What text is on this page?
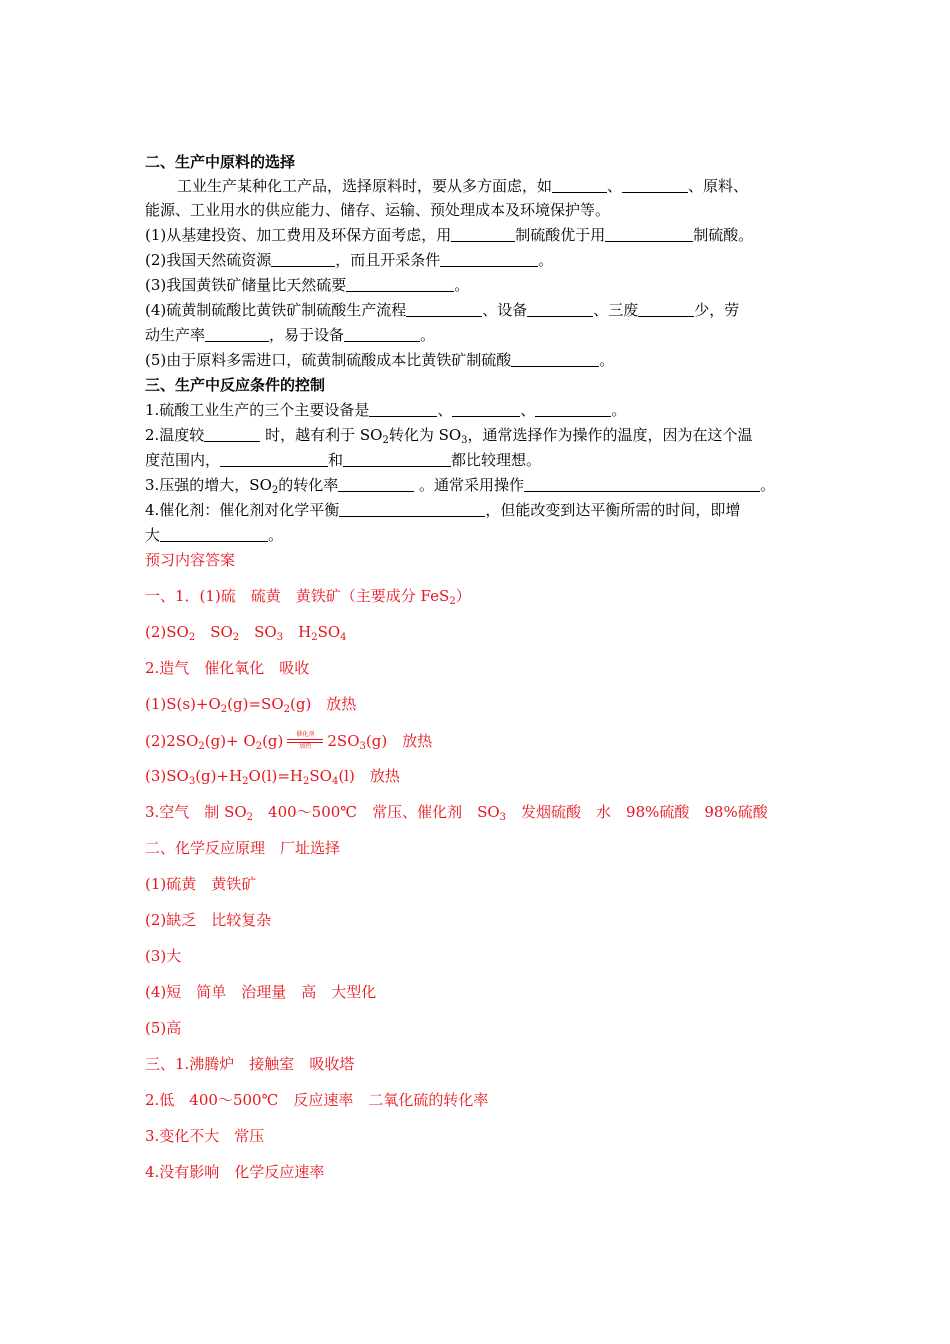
二、生产中原料的选择
工业生产某种化工产品，选择原料时，要从多方面虑，如	、	、原料、
能源、工业用水的供应能力、储存、运输、预处理成本及环境保护等。
(1)从基建投资、加工费用及环保方面考虑，用	制硫酸优于用	制硫酸。
(2)我国天然硫资源	，而且开采条件	。
(3)我国黄铁矿储量比天然硫要	。
(4)硫黄制硫酸比黄铁矿制硫酸生产流程	、设备	、三废	少，劳
动生产率	，易于设备	。
(5)由于原料多需进口，硫黄制硫酸成本比黄铁矿制硫酸	。
三、生产中反应条件的控制
1.硫酸工业生产的三个主要设备是	、	、	。
2.温度较	时，越有利于 $SO_2$转化为 $SO_3$，通常选择作为操作的温度，因为在这个温
度范围内，	和	都比较理想。
3.压强的增大，$SO_2$的转化率	。通常采用操作	。
4.催化剂：催化剂对化学平衡	，但能改变到达平衡所需的时间，即增
大	。
预习内容答案
一、1．(1)硫　硫黄　黄铁矿（主要成分 FeS$_2$）
$(2)SO_2$　$SO_2$　$SO_3$　$H_2SO_4$
2.造气　催化氧化　吸收
$(1)S(s)+O_2(g)=SO_2(g)$　放热
$(2)2SO_2(g)+ O_2(g)$	催化剂
加热	$2SO_3(g)$　放热
$(3)SO_3(g)+H_2O(l)=H_2SO_4(l)$　放热
3.空气　制 $SO_2$　400～500℃　常压、催化剂　$SO_3$　发烟硫酸　水　98%硫酸　98%硫酸
二、化学反应原理　厂址选择
(1)硫黄　黄铁矿
(2)缺乏　比较复杂
(3)大
(4)短　简单　治理量　高　大型化
(5)高
三、1.沸腾炉　接触室　吸收塔
2.低　400～500℃　反应速率　二氧化硫的转化率
3.变化不大　常压
4.没有影响　化学反应速率
